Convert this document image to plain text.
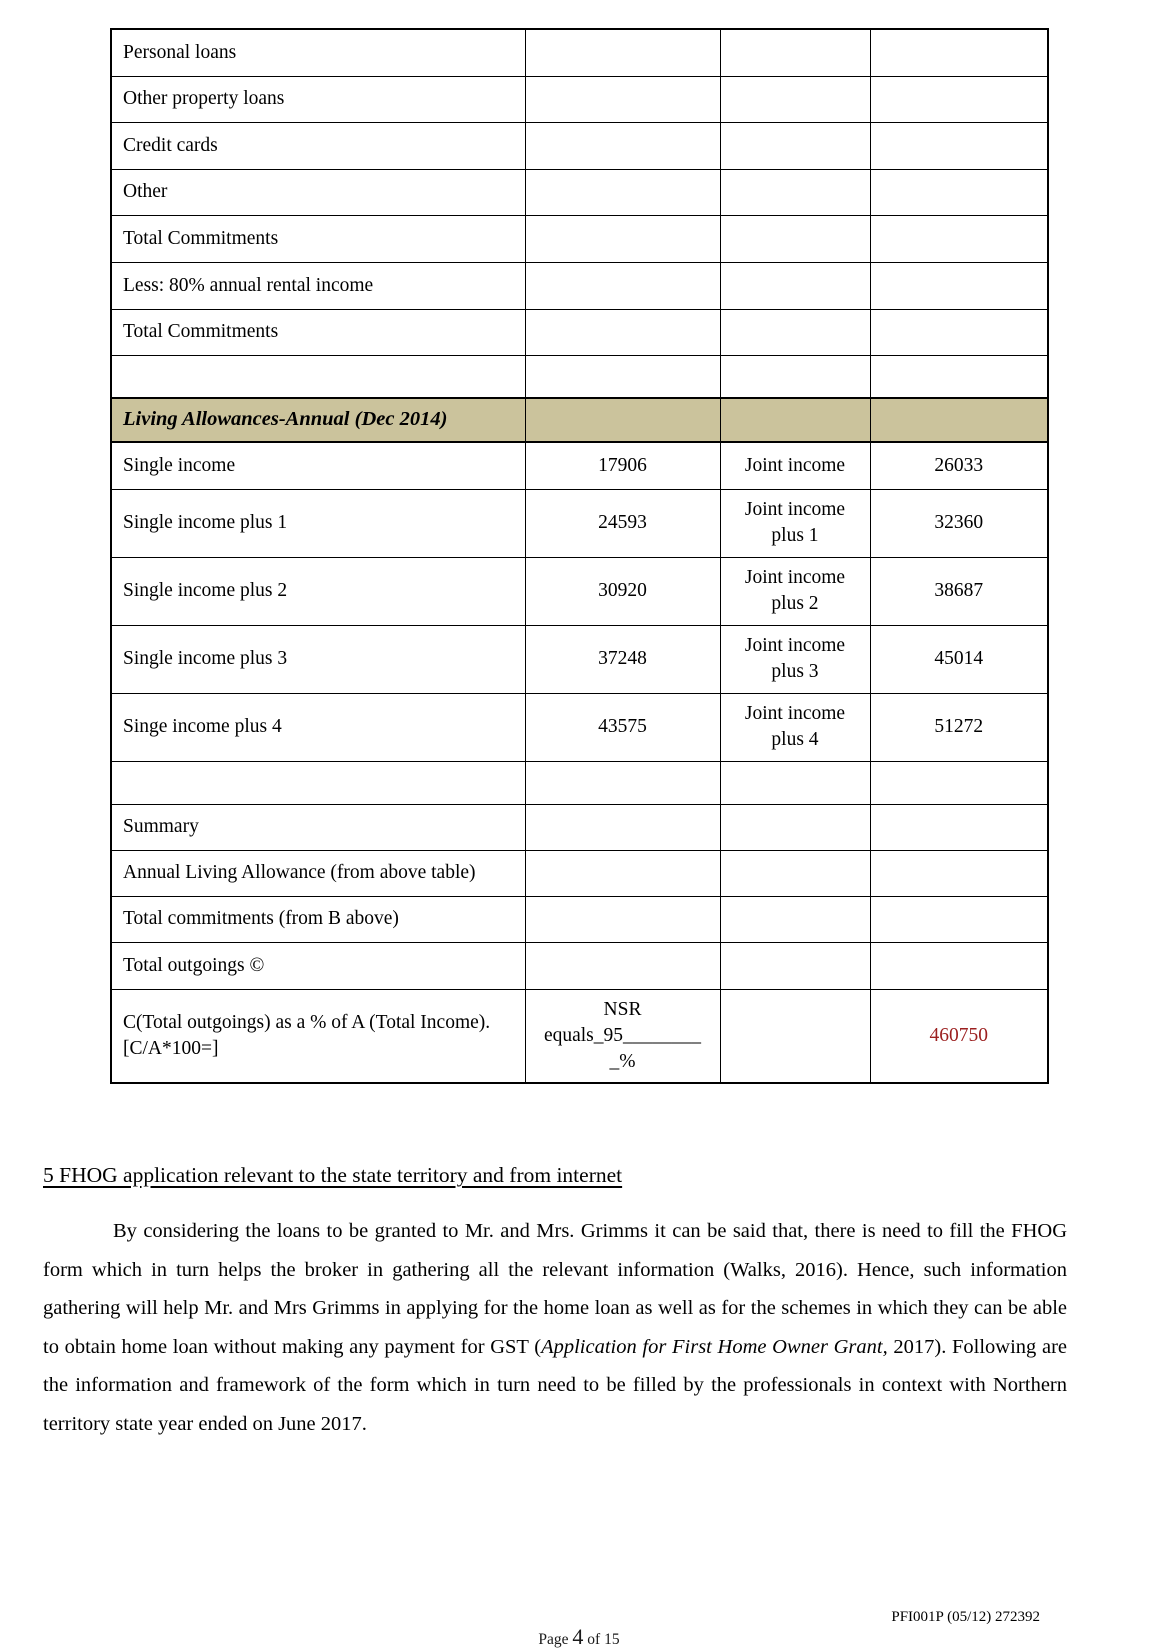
Personal loans			
Other property loans			
Credit cards			
Other			
Total Commitments			
Less: 80% annual rental income			
Total Commitments			

Living Allowances-Annual (Dec 2014)			
Single income	17906	Joint income	26033
Single income plus 1	24593	Joint income plus 1	32360
Single income plus 2	30920	Joint income plus 2	38687
Single income plus 3	37248	Joint income plus 3	45014
Singe income plus 4	43575	Joint income plus 4	51272

Summary			
Annual Living Allowance (from above table)			
Total commitments (from B above)			
Total outgoings ©			
C(Total outgoings) as a % of A (Total Income). [C/A*100=]	NSR equals_95________ _%		460750
5 FHOG application relevant to the state territory and from internet

By considering the loans to be granted to Mr. and Mrs. Grimms it can be said that, there is need to fill the FHOG form which in turn helps the broker in gathering all the relevant information (Walks, 2016). Hence, such information gathering will help Mr. and Mrs Grimms in applying for the home loan as well as for the schemes in which they can be able to obtain home loan without making any payment for GST (Application for First Home Owner Grant, 2017). Following are the information and framework of the form which in turn need to be filled by the professionals in context with Northern territory state year ended on June 2017.

Page 4 of 15
PFI001P (05/12) 272392
